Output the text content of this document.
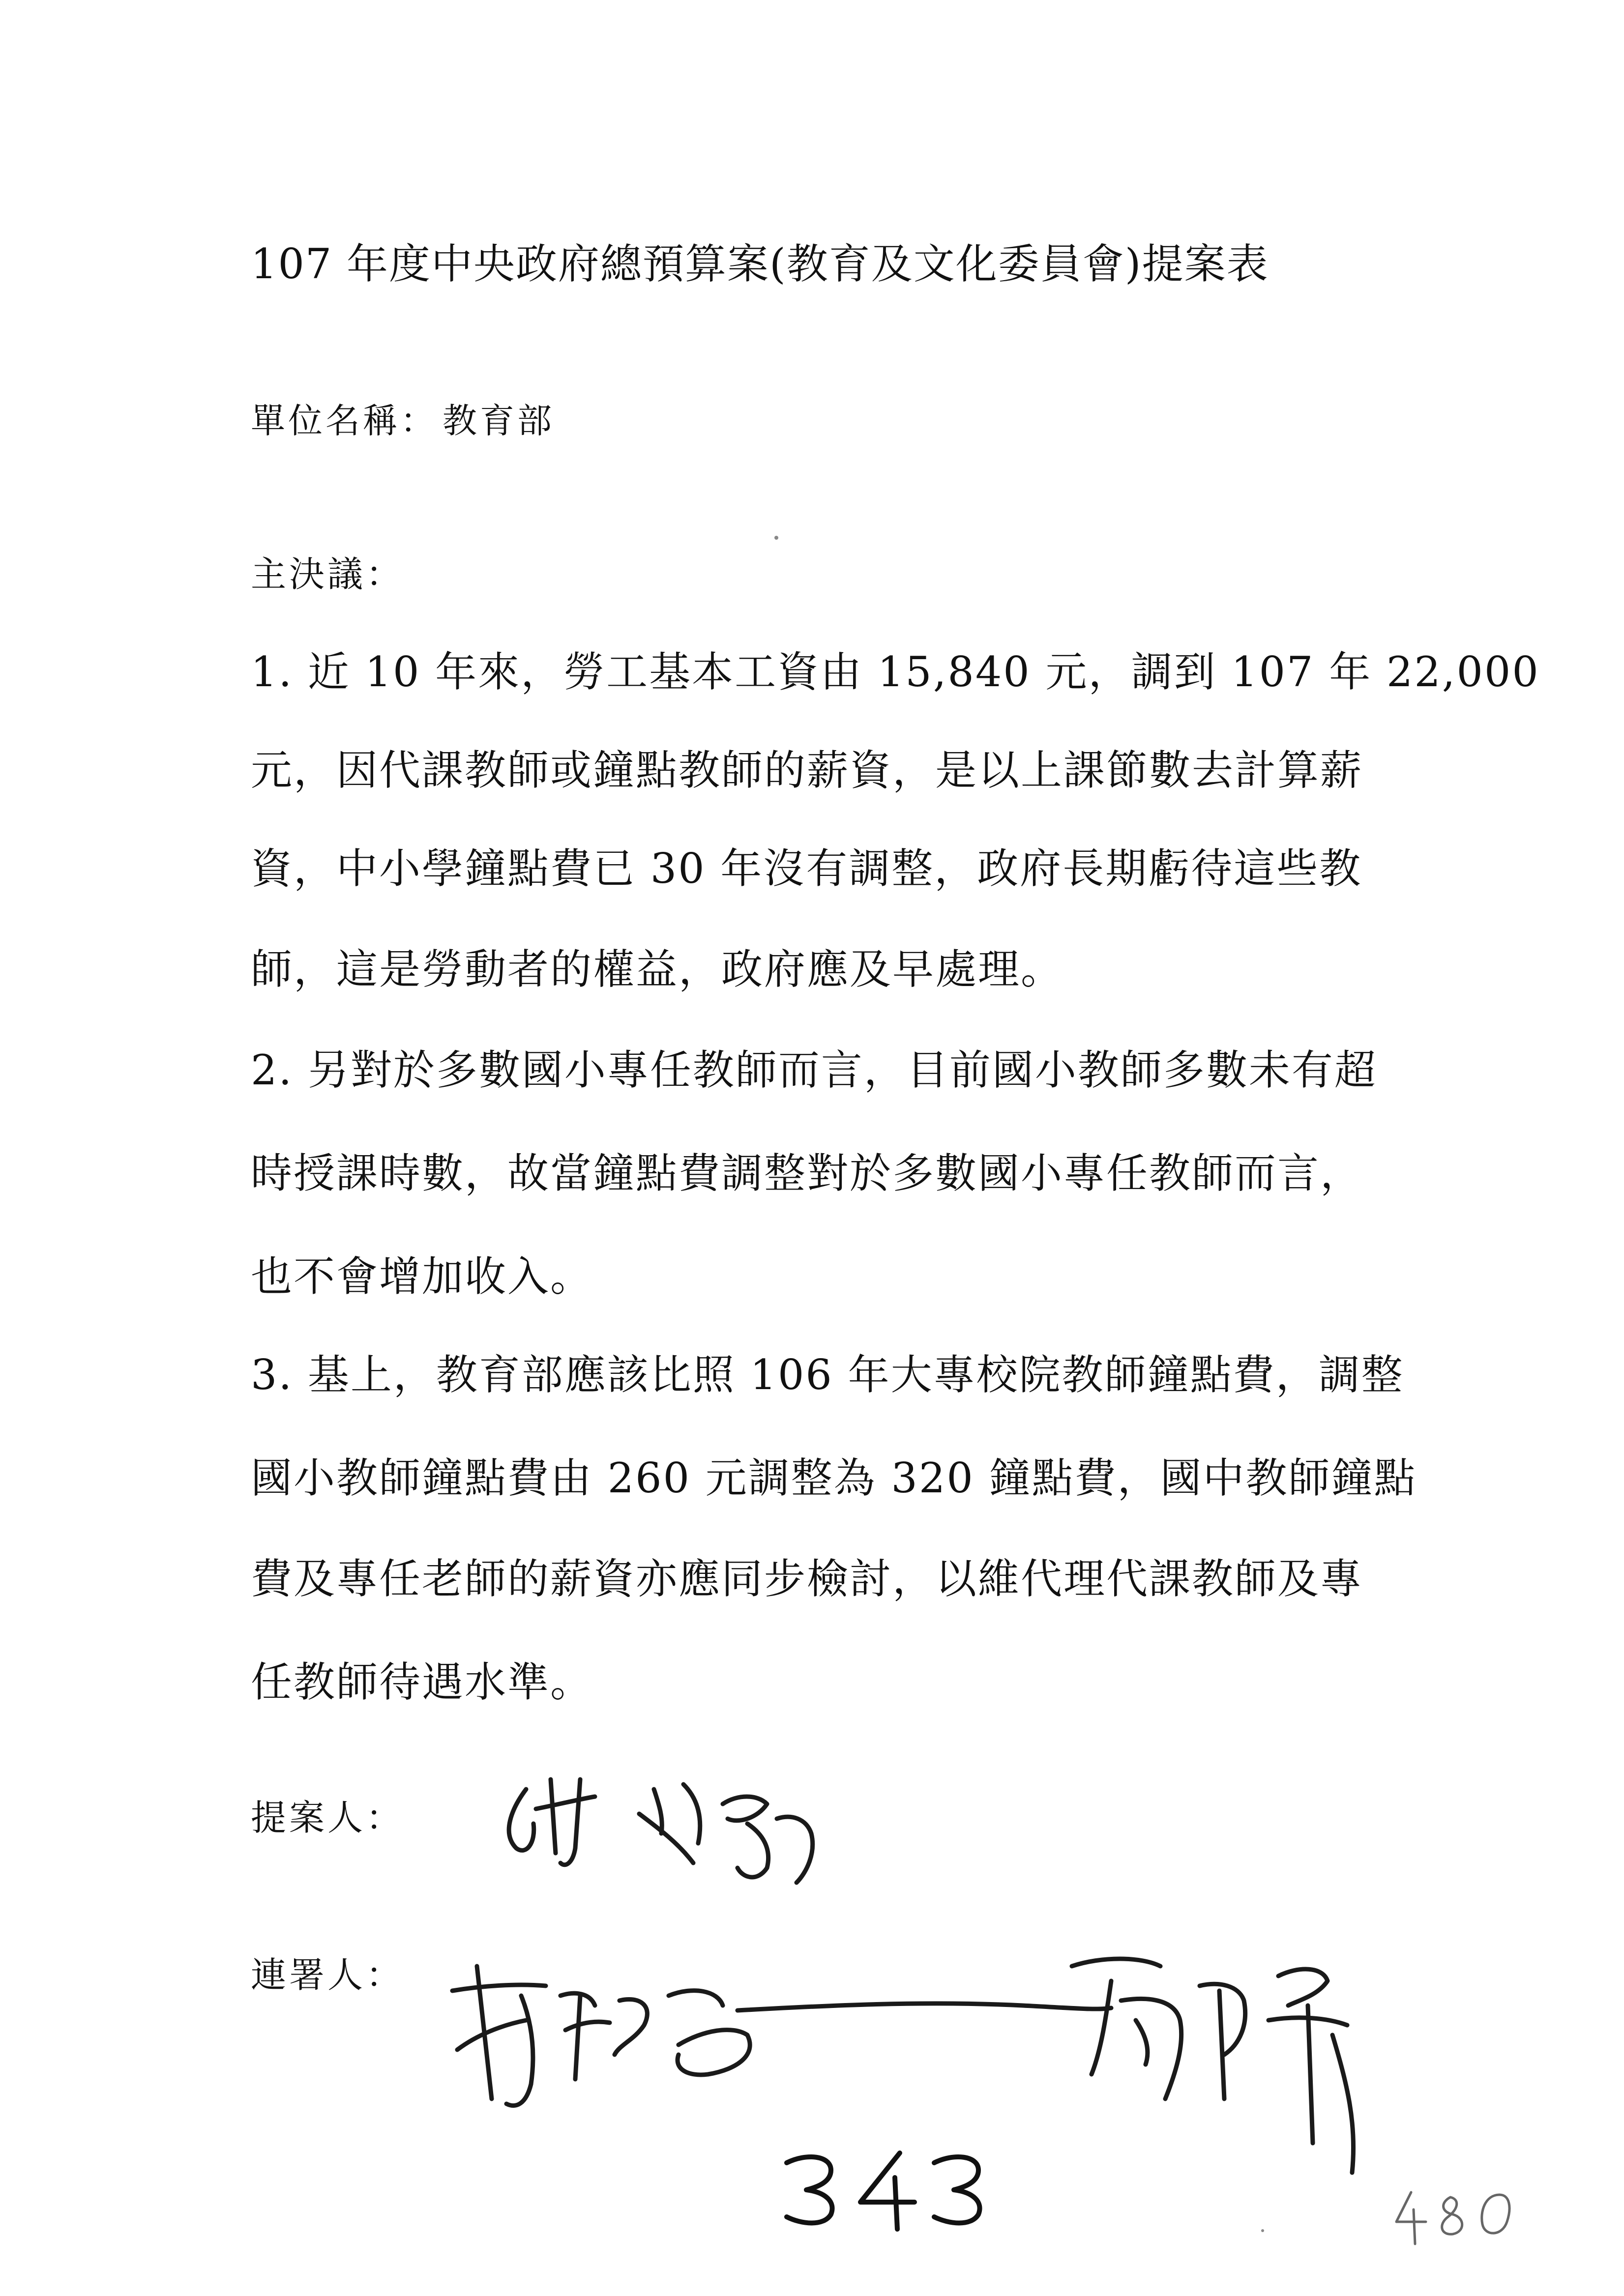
107 年度中央政府總預算案(教育及文化委員會)提案表
單位名稱： 教育部
主決議：
1. 近 10 年來，勞工基本工資由 15,840 元，調到 107 年 22,000
元，因代課教師或鐘點教師的薪資，是以上課節數去計算薪
資，中小學鐘點費已 30 年沒有調整，政府長期虧待這些教
師，這是勞動者的權益，政府應及早處理。
2. 另對於多數國小專任教師而言，目前國小教師多數未有超
時授課時數，故當鐘點費調整對於多數國小專任教師而言，
也不會增加收入。
3. 基上，教育部應該比照 106 年大專校院教師鐘點費，調整
國小教師鐘點費由 260 元調整為 320 鐘點費，國中教師鐘點
費及專任老師的薪資亦應同步檢討，以維代理代課教師及專
任教師待遇水準。
提案人：
連署人：
